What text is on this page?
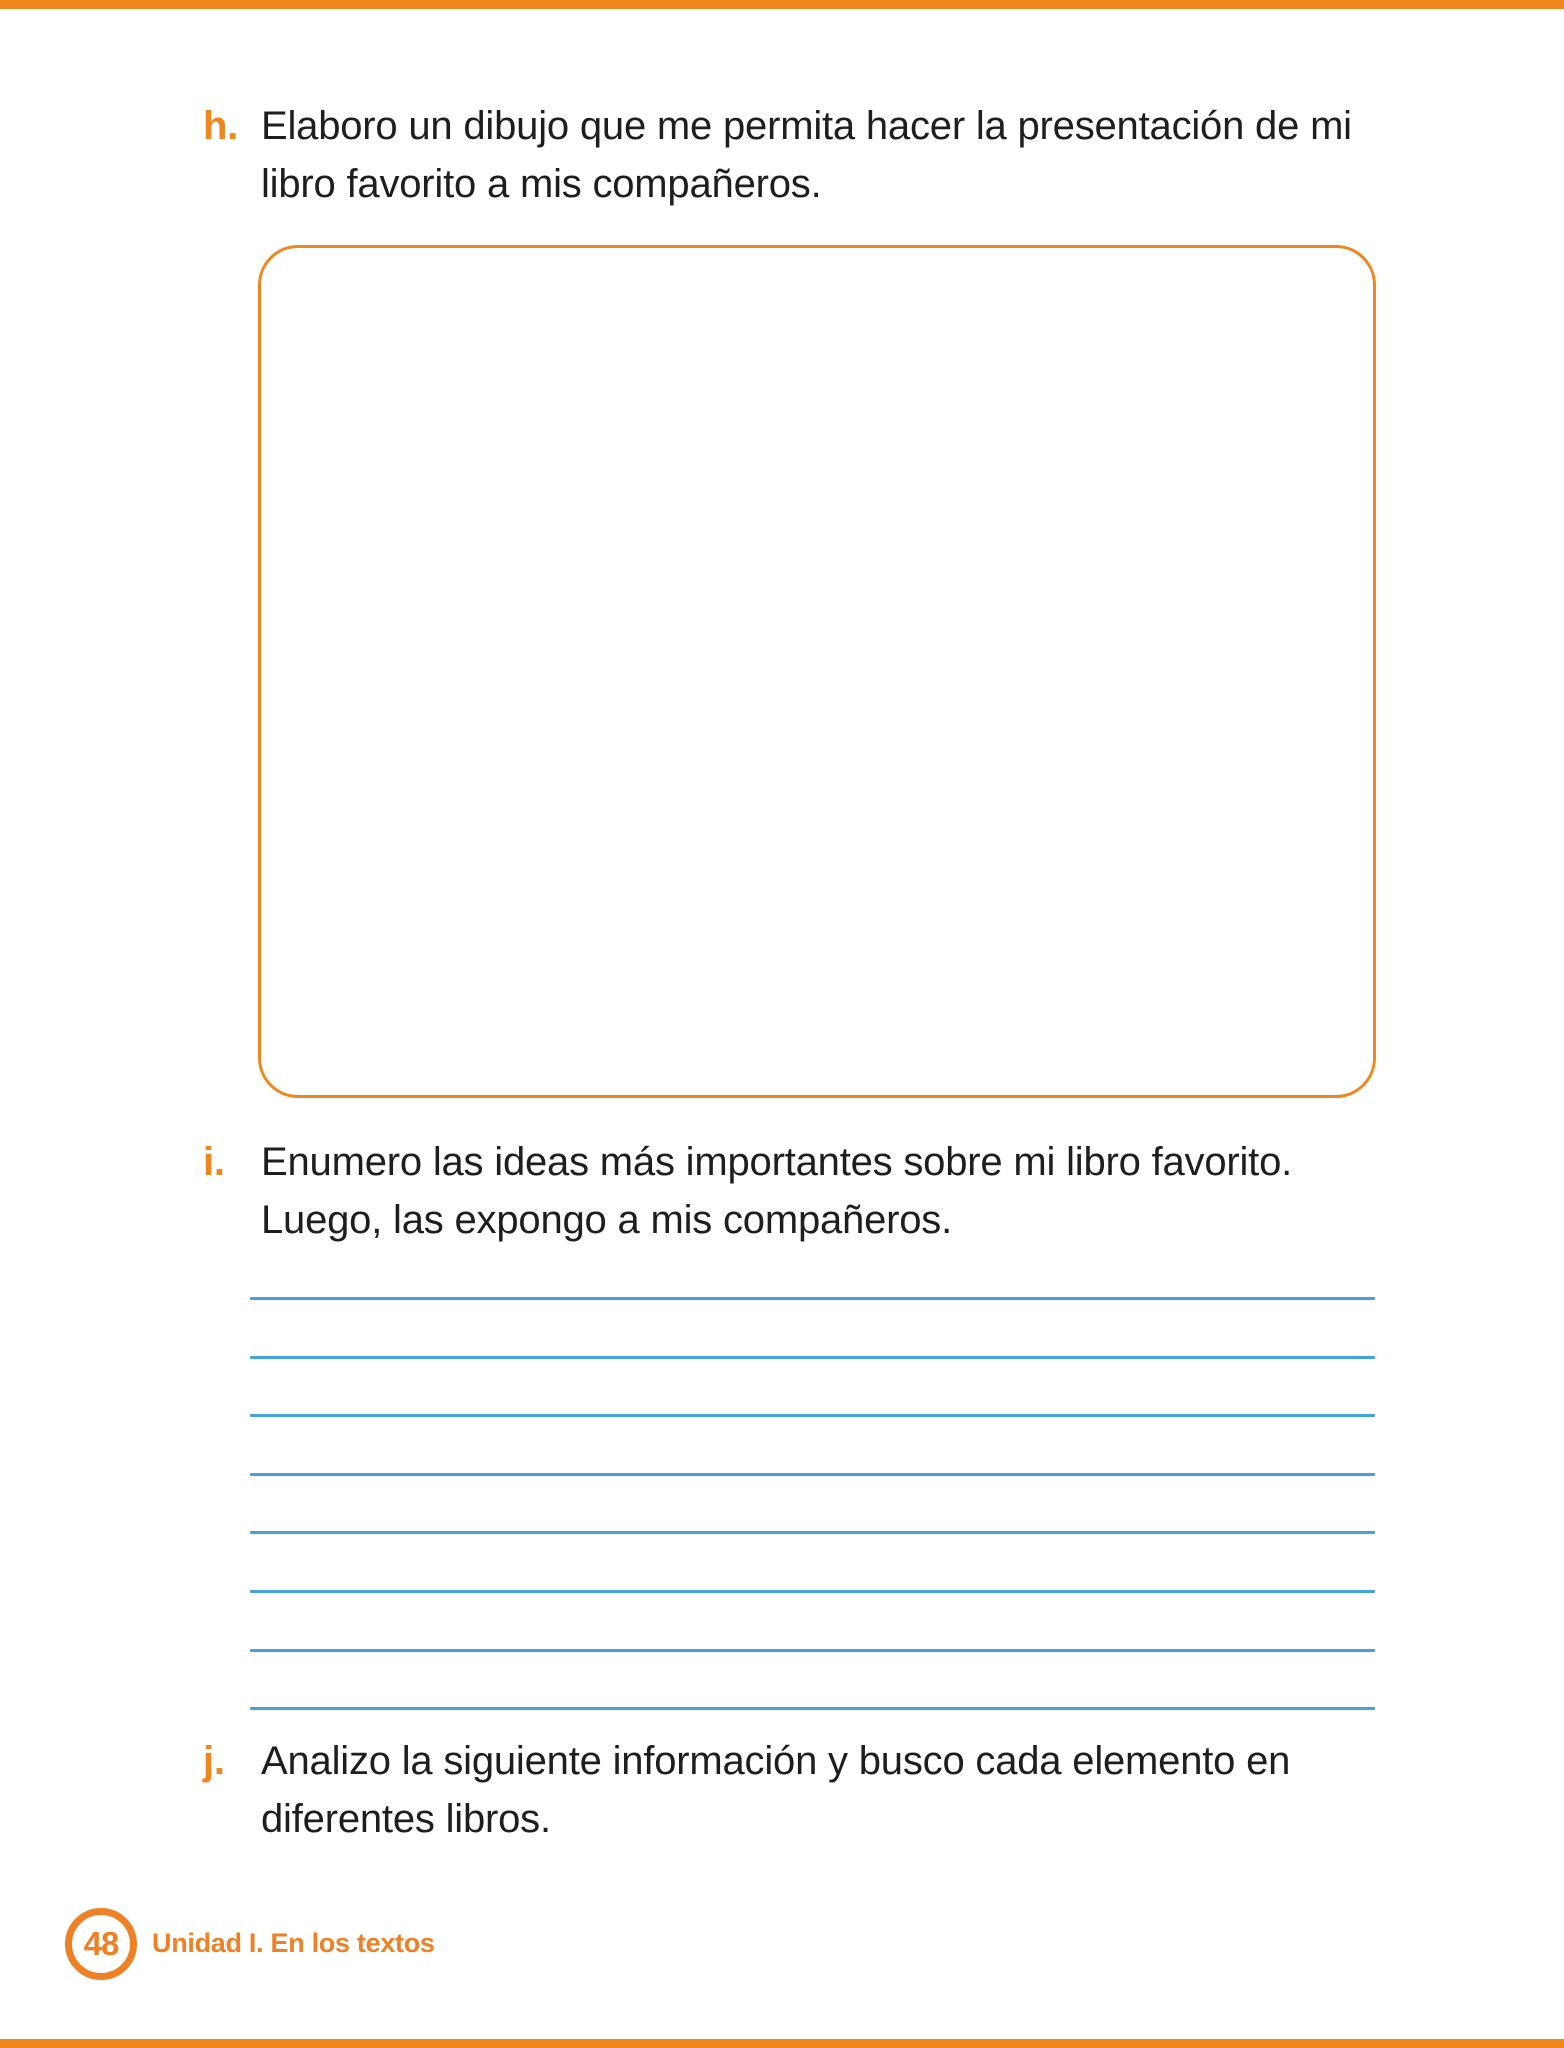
h. Elaboro un dibujo que me permita hacer la presentación de mi
libro favorito a mis compañeros.
i. Enumero las ideas más importantes sobre mi libro favorito.
Luego, las expongo a mis compañeros.
j. Analizo la siguiente información y busco cada elemento en
diferentes libros.
48	Unidad I. En los textos
